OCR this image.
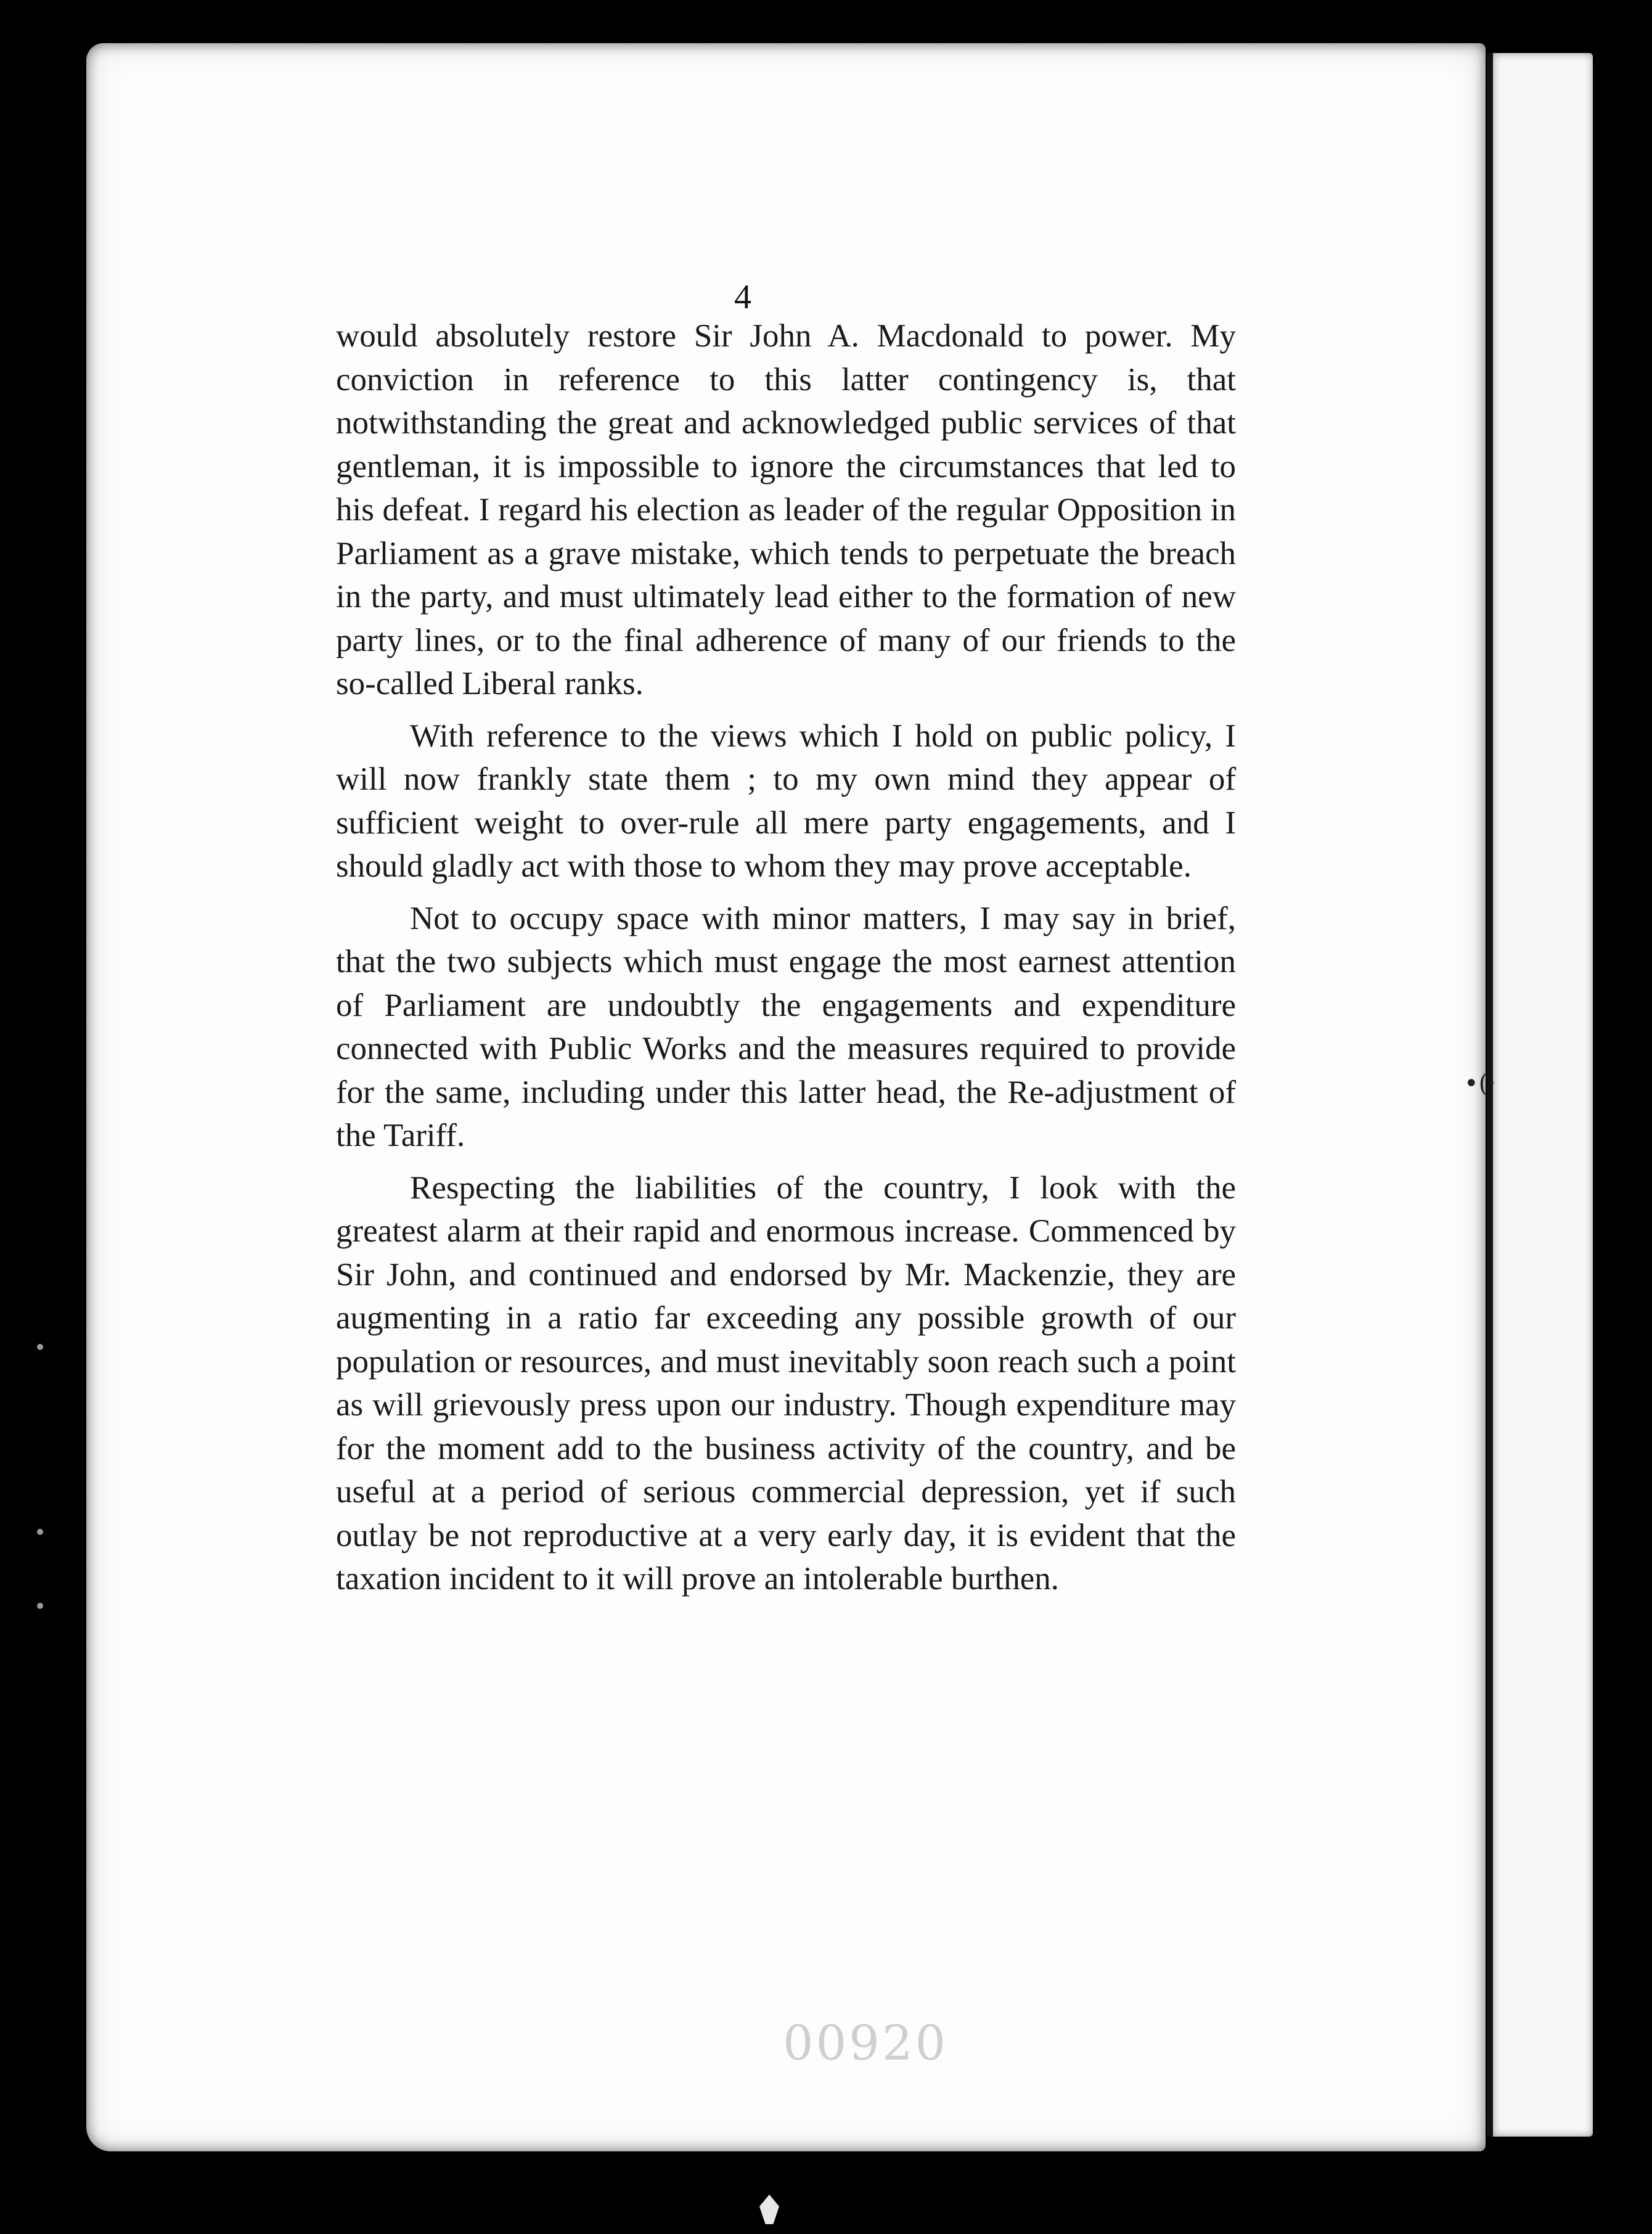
4
00920

would absolutely restore Sir John A. Macdonald to power. My conviction in reference to this latter contingency is, that notwithstanding the great and acknowledged public services of that gentleman, it is impossible to ignore the circumstances that led to his defeat. I regard his election as leader of the regular Opposition in Parliament as a grave mistake, which tends to perpetuate the breach in the party, and must ultimately lead either to the formation of new party lines, or to the final adherence of many of our friends to the so-called Liberal ranks.

With reference to the views which I hold on public policy, I will now frankly state them ; to my own mind they appear of sufficient weight to over-rule all mere party engagements, and I should gladly act with those to whom they may prove acceptable.

Not to occupy space with minor matters, I may say in brief, that the two subjects which must engage the most earnest attention of Parliament are undoubtly the engagements and expenditure connected with Public Works and the measures required to provide for the same, including under this latter head, the Re-adjustment of the Tariff.

Respecting the liabilities of the country, I look with the greatest alarm at their rapid and enormous increase. Commenced by Sir John, and continued and endorsed by Mr. Mackenzie, they are augmenting in a ratio far exceeding any possible growth of our population or resources, and must inevitably soon reach such a point as will grievously press upon our industry. Though expenditure may for the moment add to the business activity of the country, and be useful at a period of serious commercial depression, yet if such outlay be not reproductive at a very early day, it is evident that the taxation incident to it will prove an intolerable burthen.

•(·
